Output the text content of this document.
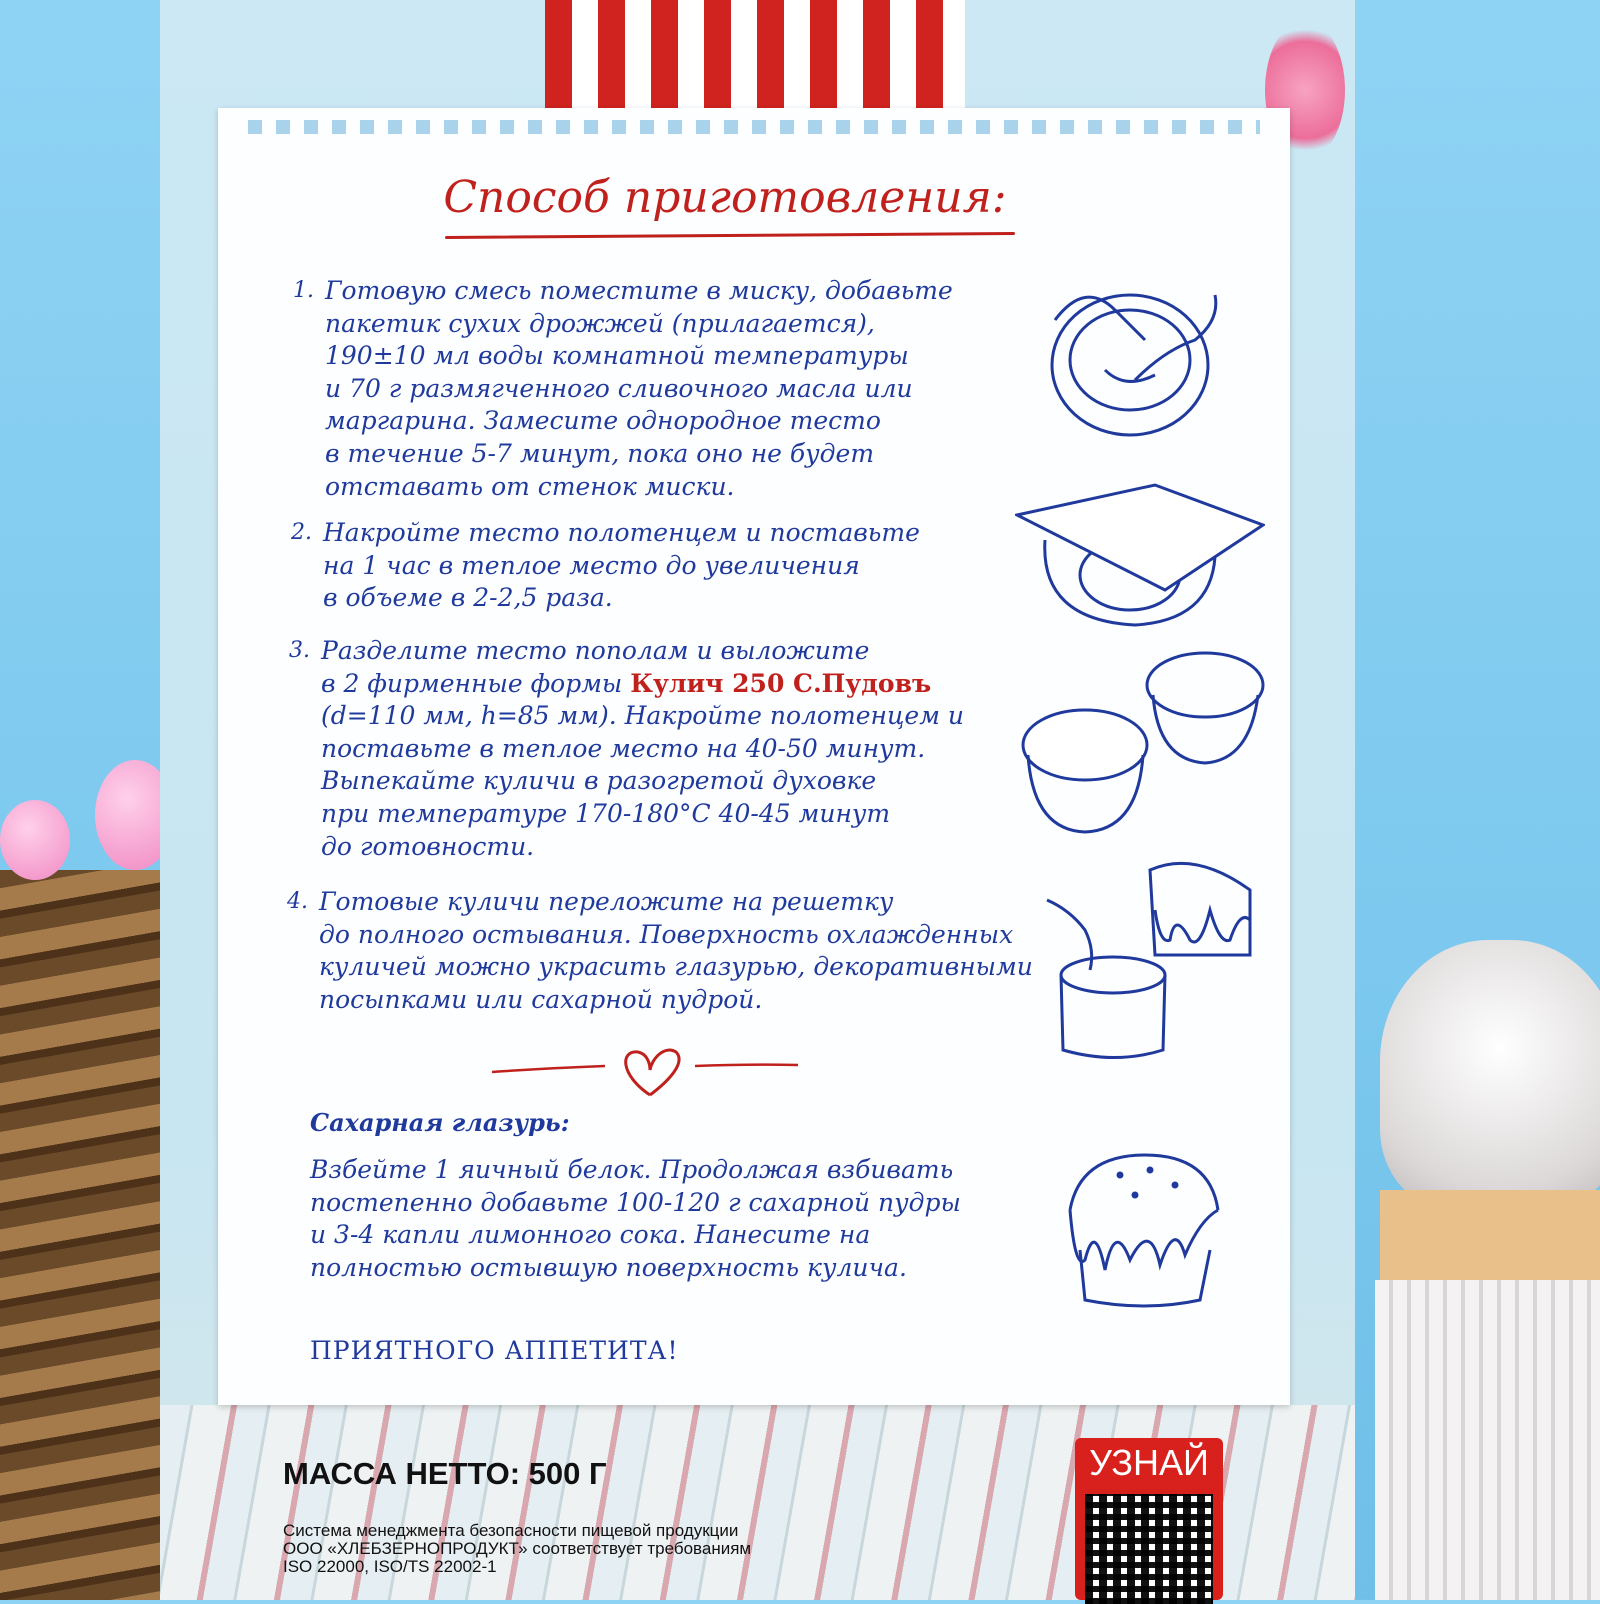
Способ приготовления:
1. Готовую смесь поместите в миску, добавьте
пакетик сухих дрожжей (прилагается),
190±10 мл воды комнатной температуры
и 70 г размягченного сливочного масла или
маргарина. Замесите однородное тесто
в течение 5-7 минут, пока оно не будет
отставать от стенок миски.
2. Накройте тесто полотенцем и поставьте
на 1 час в теплое место до увеличения
в объеме в 2-2,5 раза.
3. Разделите тесто пополам и выложите
в 2 фирменные формы Кулич 250 С.Пудовъ
(d=110 мм, h=85 мм). Накройте полотенцем и
поставьте в теплое место на 40-50 минут.
Выпекайте куличи в разогретой духовке
при температуре 170-180°С 40-45 минут
до готовности.
4. Готовые куличи переложите на решетку
до полного остывания. Поверхность охлажденных
куличей можно украсить глазурью, декоративными
посыпками или сахарной пудрой.
Сахарная глазурь:
Взбейте 1 яичный белок. Продолжая взбивать
постепенно добавьте 100-120 г сахарной пудры
и 3-4 капли лимонного сока. Нанесите на
полностью остывшую поверхность кулича.
ПРИЯТНОГО АППЕТИТА!
МАССА НЕТТО: 500 Г
Система менеджмента безопасности пищевой продукции
ООО «ХЛЕБЗЕРНОПРОДУКТ» соответствует требованиям
ISO 22000, ISO/TS 22002-1
УЗНАЙ
